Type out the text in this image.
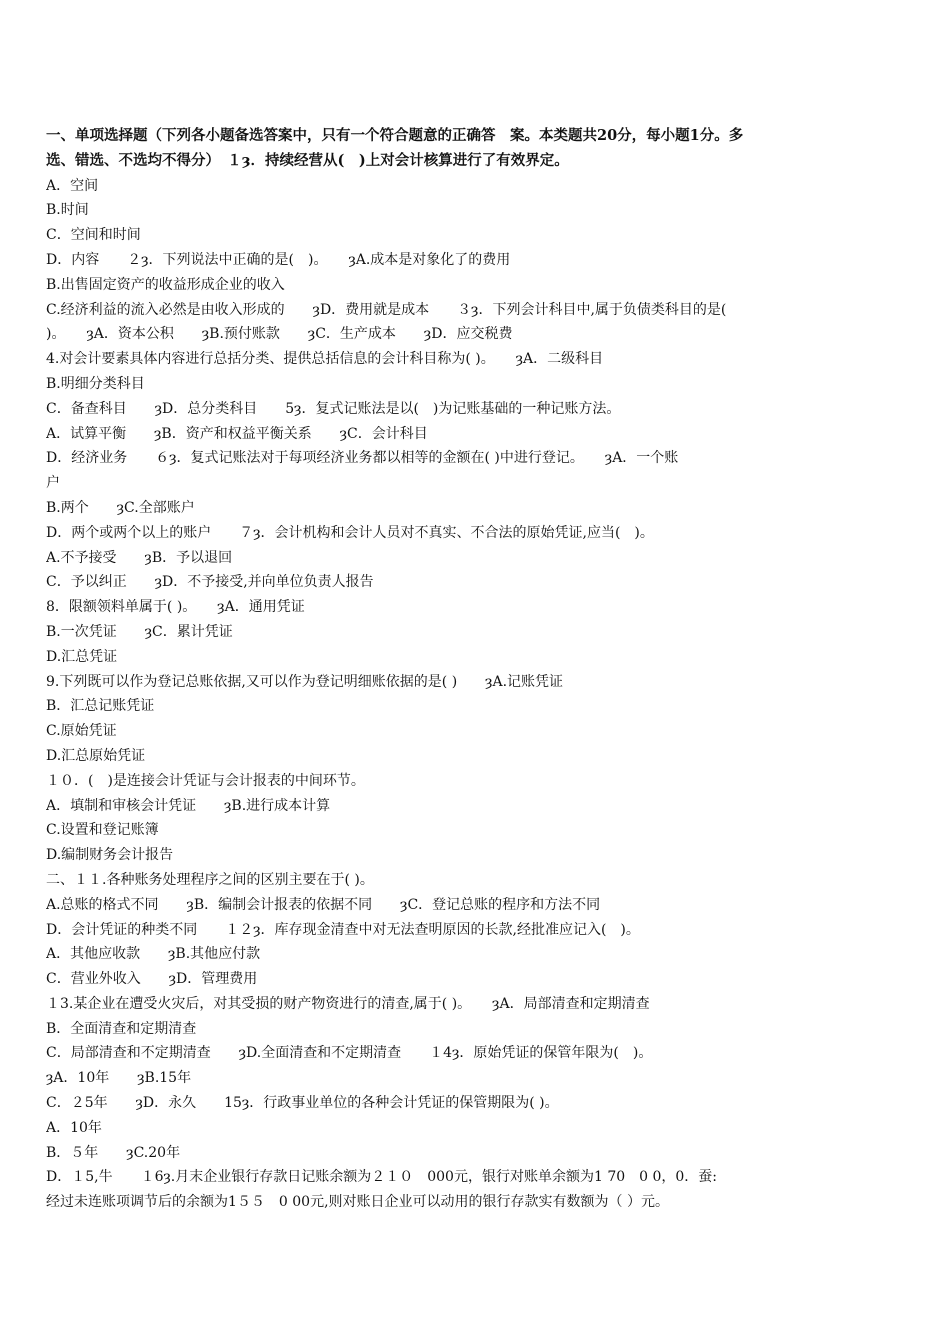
一、单项选择题（下列各小题备选答案中，只有一个符合题意的正确答　案。本类题共20分，每小题1分。多
选、错选、不选均不得分）　１ȝ．持续经营从(　)上对会计核算进行了有效界定。
A．空间
B.时间
C．空间和时间
D．内容　　２ȝ．下列说法中正确的是(　)。　　ȝA.成本是对象化了的费用
B.出售固定资产的收益形成企业的收入
C.经济利益的流入必然是由收入形成的　　ȝD．费用就是成本　　３ȝ．下列会计科目中,属于负债类科目的是(
)。　　ȝA．资本公积　　ȝB.预付账款　　ȝC．生产成本　　ȝD．应交税费
4.对会计要素具体内容进行总括分类、提供总括信息的会计科目称为( )。　　ȝA．二级科目
B.明细分类科目
C．备查科目　　ȝD．总分类科目　　5ȝ．复式记账法是以(　)为记账基础的一种记账方法。
A．试算平衡　　ȝB．资产和权益平衡关系　　ȝC．会计科目
D．经济业务　　６ȝ．复式记账法对于每项经济业务都以相等的金额在( )中进行登记。　　ȝA．一个账
户
B.两个　　ȝC.全部账户
D．两个或两个以上的账户　　７ȝ．会计机构和会计人员对不真实、不合法的原始凭证,应当(　)。
A.不予接受　　ȝB．予以退回
C．予以纠正　　ȝD．不予接受,并向单位负责人报告
8．限额领料单属于( )。　　ȝA．通用凭证
B.一次凭证　　ȝC．累计凭证
D.汇总凭证
9.下列既可以作为登记总账依据,又可以作为登记明细账依据的是( )　　ȝA.记账凭证
B．汇总记账凭证
C.原始凭证
D.汇总原始凭证
１０．(　)是连接会计凭证与会计报表的中间环节。
A．填制和审核会计凭证　　ȝB.进行成本计算
C.设置和登记账簿
D.编制财务会计报告
二、１１.各种账务处理程序之间的区别主要在于( )。
A.总账的格式不同　　ȝB．编制会计报表的依据不同　　ȝC．登记总账的程序和方法不同
D．会计凭证的种类不同　　１２ȝ．库存现金清查中对无法查明原因的长款,经批准应记入(　)。
A．其他应收款　　ȝB.其他应付款
C．营业外收入　　ȝD．管理费用
１3.某企业在遭受火灾后，对其受损的财产物资进行的清查,属于( )。　　ȝA．局部清查和定期清查
B．全面清查和定期清查
C．局部清查和不定期清查　　ȝD.全面清查和不定期清查　　１4ȝ．原始凭证的保管年限为(　)。
ȝA．10年　　ȝB.15年
C．２5年　　ȝD．永久　　15ȝ．行政事业单位的各种会计凭证的保管期限为( )。
A．10年
B．５年　　ȝC.20年
D．１5,牛　　１6ȝ.月末企业银行存款日记账余额为２１０　000元，银行对账单余额为1 70　0 0，0．蚕:
经过未连账项调节后的余额为1５５　0 00元,则对账日企业可以动用的银行存款实有数额为（ ）元。
